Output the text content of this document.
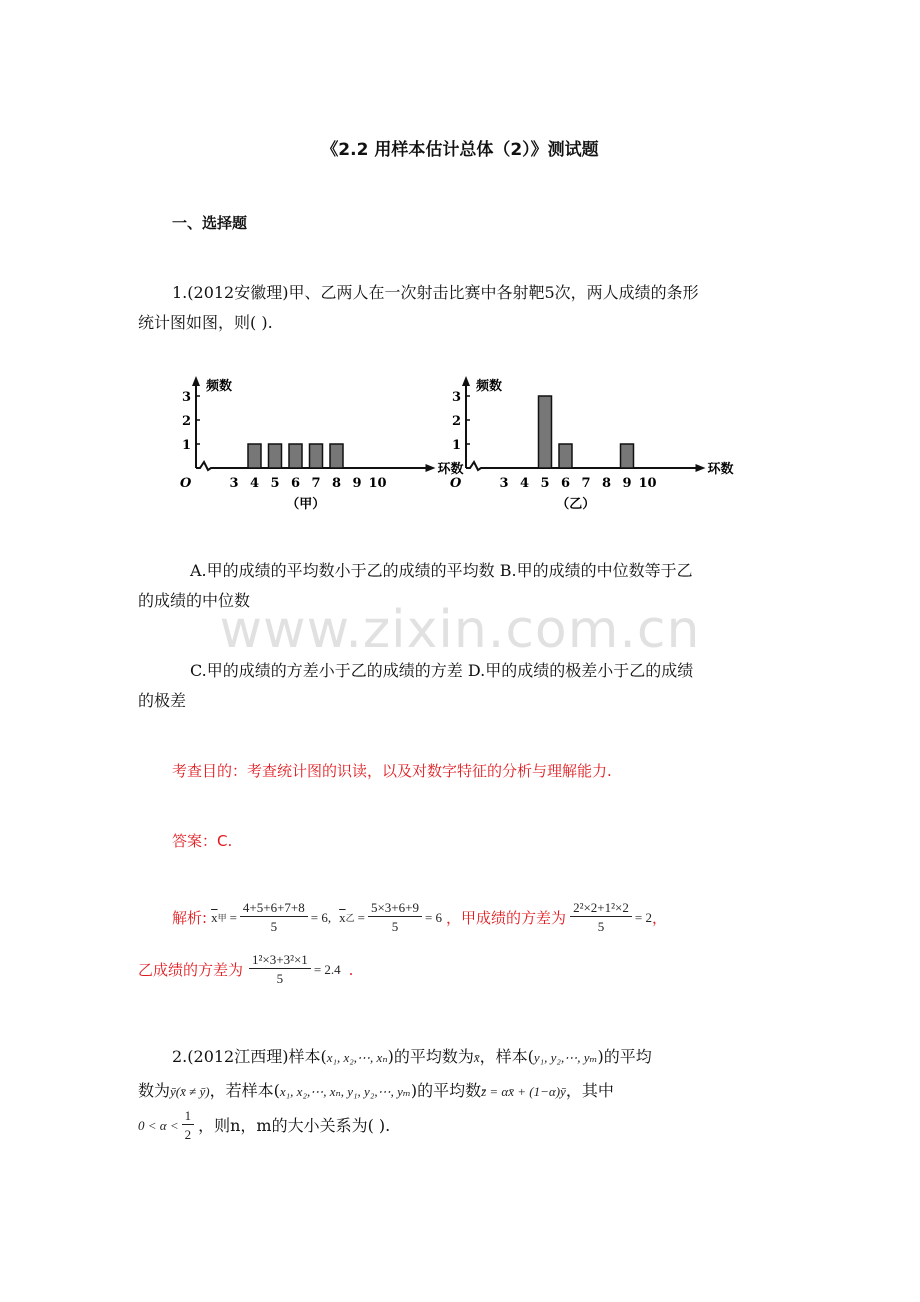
《2.2 用样本估计总体（2）》测试题
一、选择题
1.(2012安徽理)甲、乙两人在一次射击比赛中各射靶5次，两人成绩的条形
统计图如图，则( ).
频数
环数
O
1
2
3
3 4 5 6 7 8 9 10
（甲）
频数
环数
O
1
2
3
3 4 5 6 7 8 9 10
（乙）
A.甲的成绩的平均数小于乙的成绩的平均数 B.甲的成绩的中位数等于乙
的成绩的中位数
C.甲的成绩的方差小于乙的成绩的方差 D.甲的成绩的极差小于乙的成绩
的极差
考查目的：考查统计图的识读，以及对数字特征的分析与理解能力.
答案：C.
解析: $\overline{x}$ 甲 = $\frac{4+5+6+7+8}{5} = 6$, $\overline{x}$ 乙 = $\frac{5\times 3+6+9}{5} = 6$ ，甲成绩的方差为 $\frac{\text{2²×2+1²×2}}{5} = 2$ ，
乙成绩的方差为 $\frac{\text{1²×3+3²×1}}{5} = 2.4$ .
2.(2012江西理)样本(x₁, x₂,⋯, xₙ)的平均数为x̄，样本(y₁, y₂,⋯, yₘ)的平均
数为ȳ(x̄ ≠ ȳ)，若样本(x₁, x₂,⋯, xₙ, y₁, y₂,⋯, yₘ)的平均数z̄ = αx̄ + (1−α)ȳ，其中
$0 < \alpha < \frac{1}{2}$ ，则n，m的大小关系为( ).
www.zixin.com.cn
